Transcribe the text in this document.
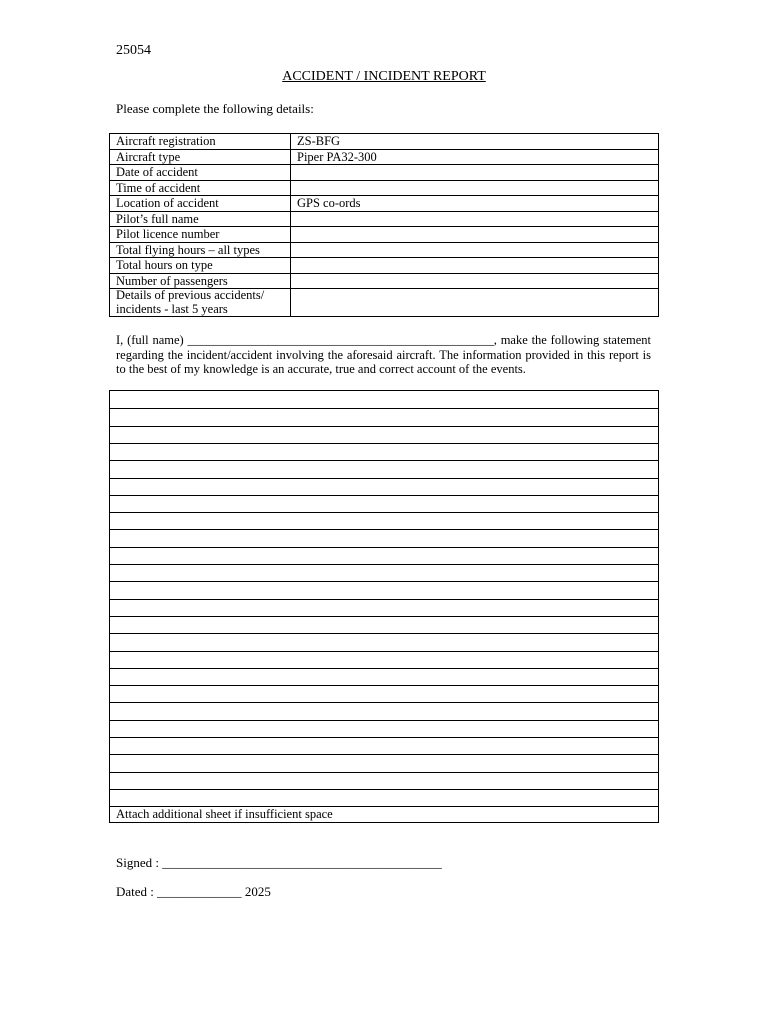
25054
ACCIDENT / INCIDENT REPORT
Please complete the following details:
Aircraft registration	ZS-BFG
Aircraft type	Piper PA32-300
Date of accident	
Time of accident	
Location of accident	GPS co-ords
Pilot’s full name	
Pilot licence number	
Total flying hours – all types	
Total hours on type	
Number of passengers	
Details of previous accidents/ incidents - last 5 years	
I, (full name) _________________________________________________, make the following statement regarding the incident/accident involving the aforesaid aircraft. The information provided in this report is to the best of my knowledge is an accurate, true and correct account of the events.
Attach additional sheet if insufficient space
Signed : ___________________________________________
Dated : _____________ 2025
